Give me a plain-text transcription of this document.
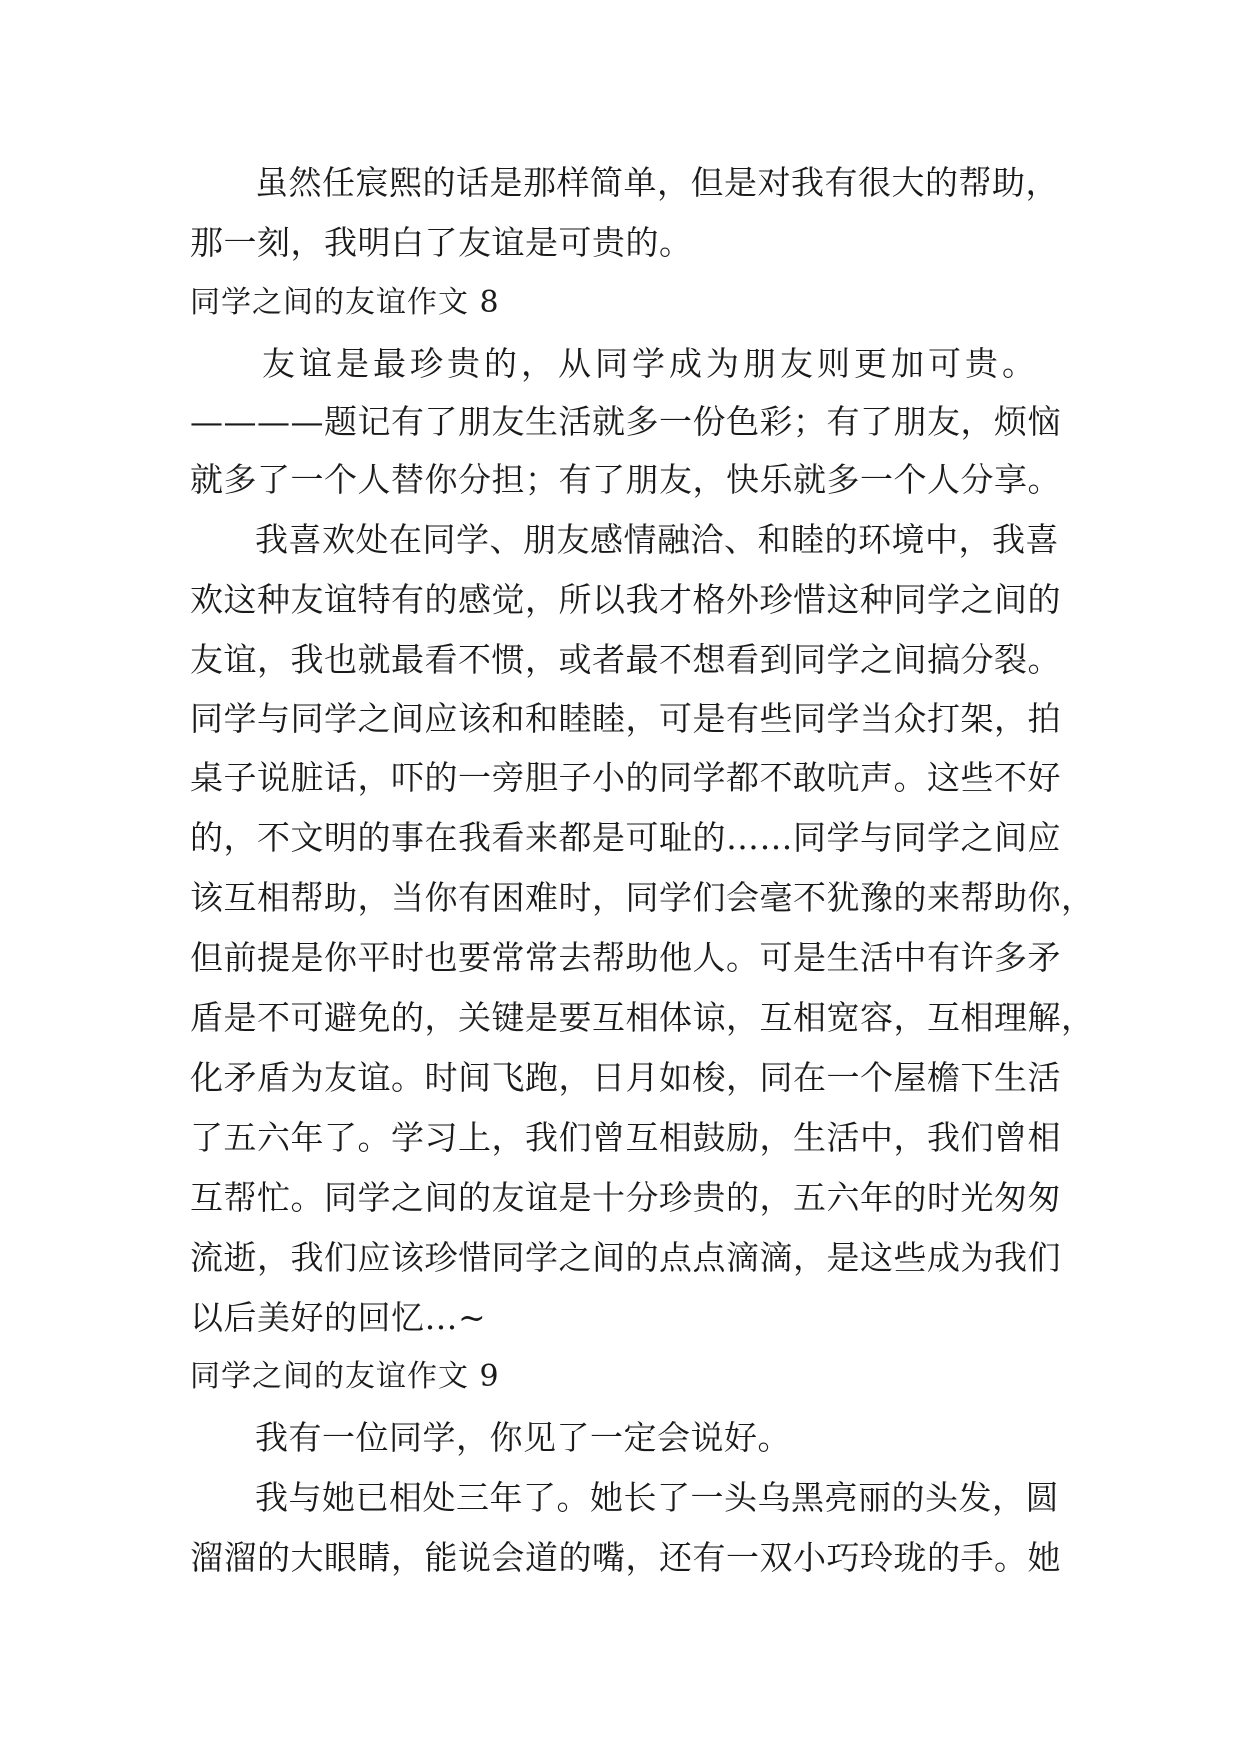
虽然任宸熙的话是那样简单，但是对我有很大的帮助，
那一刻，我明白了友谊是可贵的。
同学之间的友谊作文 8
友谊是最珍贵的，从同学成为朋友则更加可贵。
————题记有了朋友生活就多一份色彩；有了朋友，烦恼
就多了一个人替你分担；有了朋友，快乐就多一个人分享。
我喜欢处在同学、朋友感情融洽、和睦的环境中，我喜
欢这种友谊特有的感觉，所以我才格外珍惜这种同学之间的
友谊，我也就最看不惯，或者最不想看到同学之间搞分裂。
同学与同学之间应该和和睦睦，可是有些同学当众打架，拍
桌子说脏话，吓的一旁胆子小的同学都不敢吭声。这些不好
的，不文明的事在我看来都是可耻的……同学与同学之间应
该互相帮助，当你有困难时，同学们会毫不犹豫的来帮助你，
但前提是你平时也要常常去帮助他人。可是生活中有许多矛
盾是不可避免的，关键是要互相体谅，互相宽容，互相理解，
化矛盾为友谊。时间飞跑，日月如梭，同在一个屋檐下生活
了五六年了。学习上，我们曾互相鼓励，生活中，我们曾相
互帮忙。同学之间的友谊是十分珍贵的，五六年的时光匆匆
流逝，我们应该珍惜同学之间的点点滴滴，是这些成为我们
以后美好的回忆…~
同学之间的友谊作文 9
我有一位同学，你见了一定会说好。
我与她已相处三年了。她长了一头乌黑亮丽的头发，圆
溜溜的大眼睛，能说会道的嘴，还有一双小巧玲珑的手。她
